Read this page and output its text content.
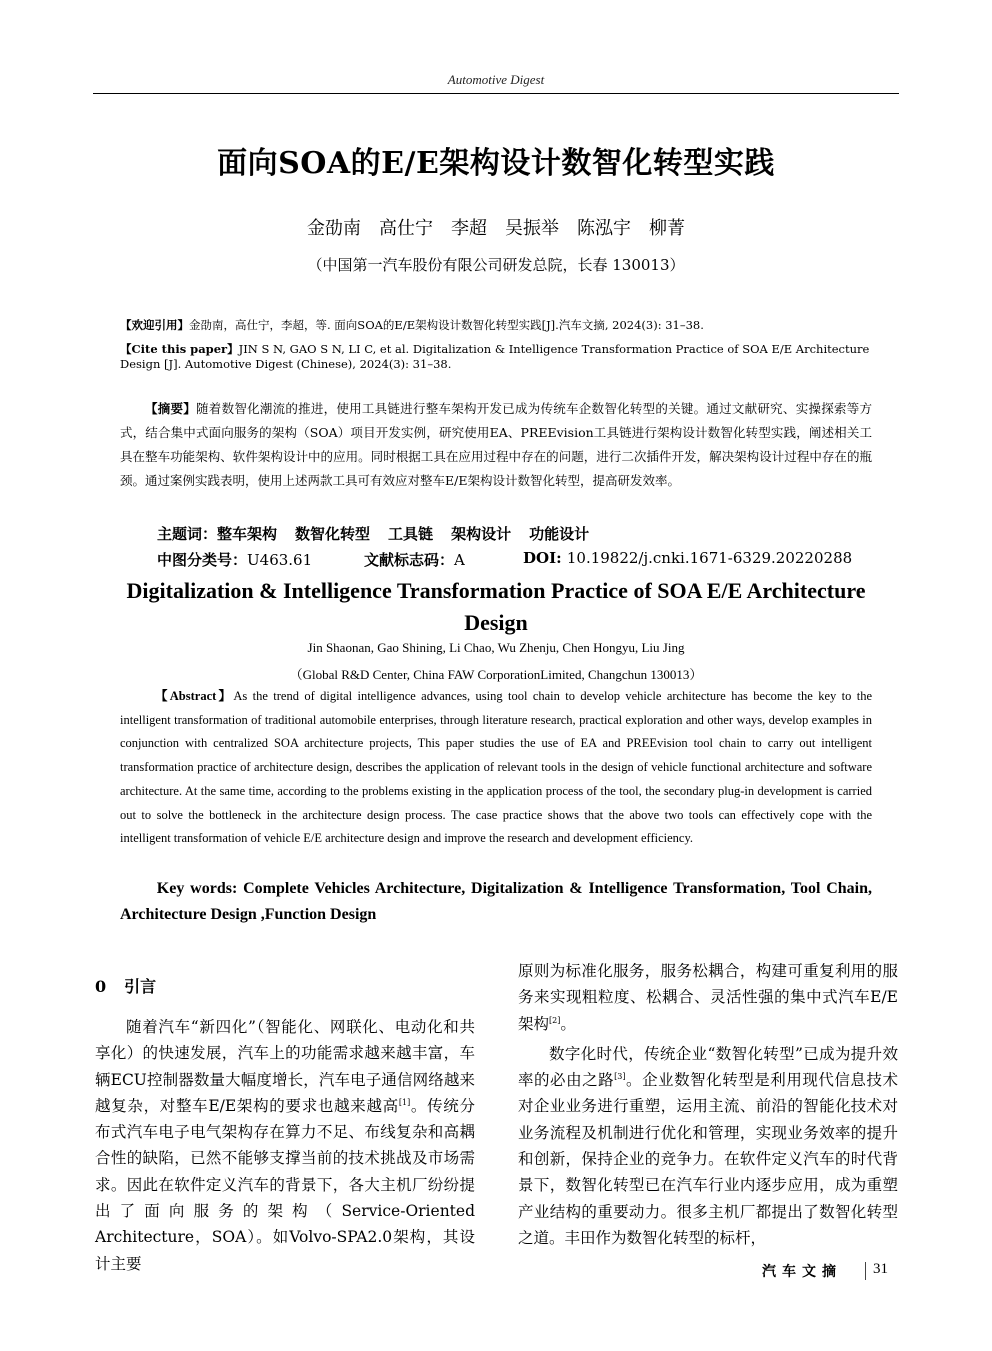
Automotive Digest
面向SOA的E/E架构设计数智化转型实践
金劭南　高仕宁　李超　吴振举　陈泓宇　柳菁
（中国第一汽车股份有限公司研发总院，长春 130013）
【欢迎引用】金劭南，高仕宁，李超，等. 面向SOA的E/E架构设计数智化转型实践[J].汽车文摘, 2024(3): 31–38.
【Cite this paper】JIN S N, GAO S N, LI C, et al. Digitalization & Intelligence Transformation Practice of SOA E/E Architecture Design [J]. Automotive Digest (Chinese), 2024(3): 31–38.
【摘要】随着数智化潮流的推进，使用工具链进行整车架构开发已成为传统车企数智化转型的关键。通过文献研究、实操探索等方式，结合集中式面向服务的架构（SOA）项目开发实例，研究使用EA、PREEvision工具链进行架构设计数智化转型实践，阐述相关工具在整车功能架构、软件架构设计中的应用。同时根据工具在应用过程中存在的问题，进行二次插件开发，解决架构设计过程中存在的瓶颈。通过案例实践表明，使用上述两款工具可有效应对整车E/E架构设计数智化转型，提高研发效率。
主题词：整车架构 数智化转型 工具链 架构设计 功能设计
中图分类号：U463.61	文献标志码：A	DOI: 10.19822/j.cnki.1671-6329.20220288
Digitalization & Intelligence Transformation Practice of SOA E/E Architecture Design
Jin Shaonan, Gao Shining, Li Chao, Wu Zhenju, Chen Hongyu, Liu Jing
（Global R&D Center, China FAW CorporationLimited, Changchun 130013）
【Abstract】As the trend of digital intelligence advances, using tool chain to develop vehicle architecture has become the key to the intelligent transformation of traditional automobile enterprises, through literature research, practical exploration and other ways, develop examples in conjunction with centralized SOA architecture projects, This paper studies the use of EA and PREEvision tool chain to carry out intelligent transformation practice of architecture design, describes the application of relevant tools in the design of vehicle functional architecture and software architecture. At the same time, according to the problems existing in the application process of the tool, the secondary plug-in development is carried out to solve the bottleneck in the architecture design process. The case practice shows that the above two tools can effectively cope with the intelligent transformation of vehicle E/E architecture design and improve the research and development efficiency.
Key words: Complete Vehicles Architecture, Digitalization & Intelligence Transformation, Tool Chain, Architecture Design ,Function Design
0 引言

随着汽车“新四化”（智能化、网联化、电动化和共享化）的快速发展，汽车上的功能需求越来越丰富，车辆ECU控制器数量大幅度增长，汽车电子通信网络越来越复杂，对整车E/E架构的要求也越来越高[1]。传统分布式汽车电子电气架构存在算力不足、布线复杂和高耦合性的缺陷，已然不能够支撑当前的技术挑战及市场需求。因此在软件定义汽车的背景下，各大主机厂纷纷提出了面向服务的架构（Service-Oriented Architecture，SOA）。如Volvo-SPA2.0架构，其设计主要

原则为标准化服务，服务松耦合，构建可重复利用的服务来实现粗粒度、松耦合、灵活性强的集中式汽车E/E架构[2]。

数字化时代，传统企业“数智化转型”已成为提升效率的必由之路[3]。企业数智化转型是利用现代信息技术对企业业务进行重塑，运用主流、前沿的智能化技术对业务流程及机制进行优化和管理，实现业务效率的提升和创新，保持企业的竞争力。在软件定义汽车的时代背景下，数智化转型已在汽车行业内逐步应用，成为重塑产业结构的重要动力。很多主机厂都提出了数智化转型之道。丰田作为数智化转型的标杆，

汽车文摘 31
